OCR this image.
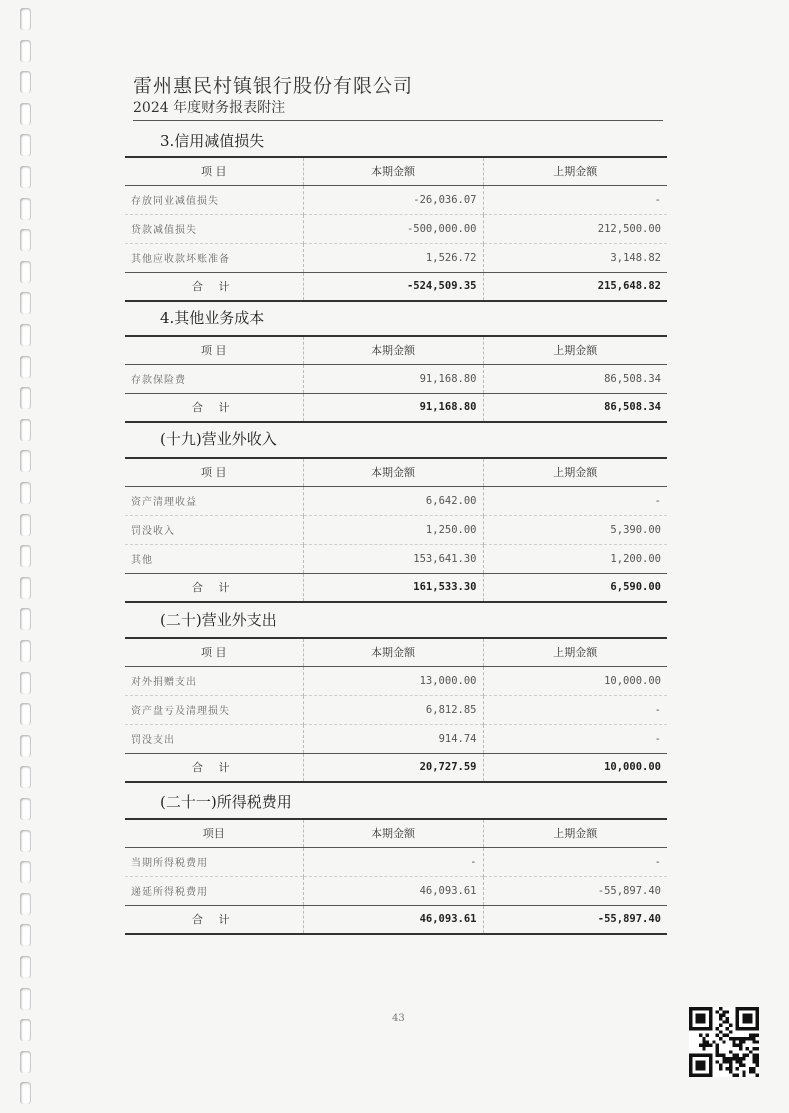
雷州惠民村镇银行股份有限公司
2024 年度财务报表附注
3.信用减值损失
项 目	本期金额	上期金额
存放同业减值损失	-26,036.07	-
贷款减值损失	-500,000.00	212,500.00
其他应收款坏账准备	1,526.72	3,148.82
合 计	-524,509.35	215,648.82
4.其他业务成本
项 目	本期金额	上期金额
存款保险费	91,168.80	86,508.34
合 计	91,168.80	86,508.34
(十九)营业外收入
项 目	本期金额	上期金额
资产清理收益	6,642.00	-
罚没收入	1,250.00	5,390.00
其他	153,641.30	1,200.00
合 计	161,533.30	6,590.00
(二十)营业外支出
项 目	本期金额	上期金额
对外捐赠支出	13,000.00	10,000.00
资产盘亏及清理损失	6,812.85	-
罚没支出	914.74	-
合 计	20,727.59	10,000.00
(二十一)所得税费用
项目	本期金额	上期金额
当期所得税费用	-	-
递延所得税费用	46,093.61	-55,897.40
合 计	46,093.61	-55,897.40
43
